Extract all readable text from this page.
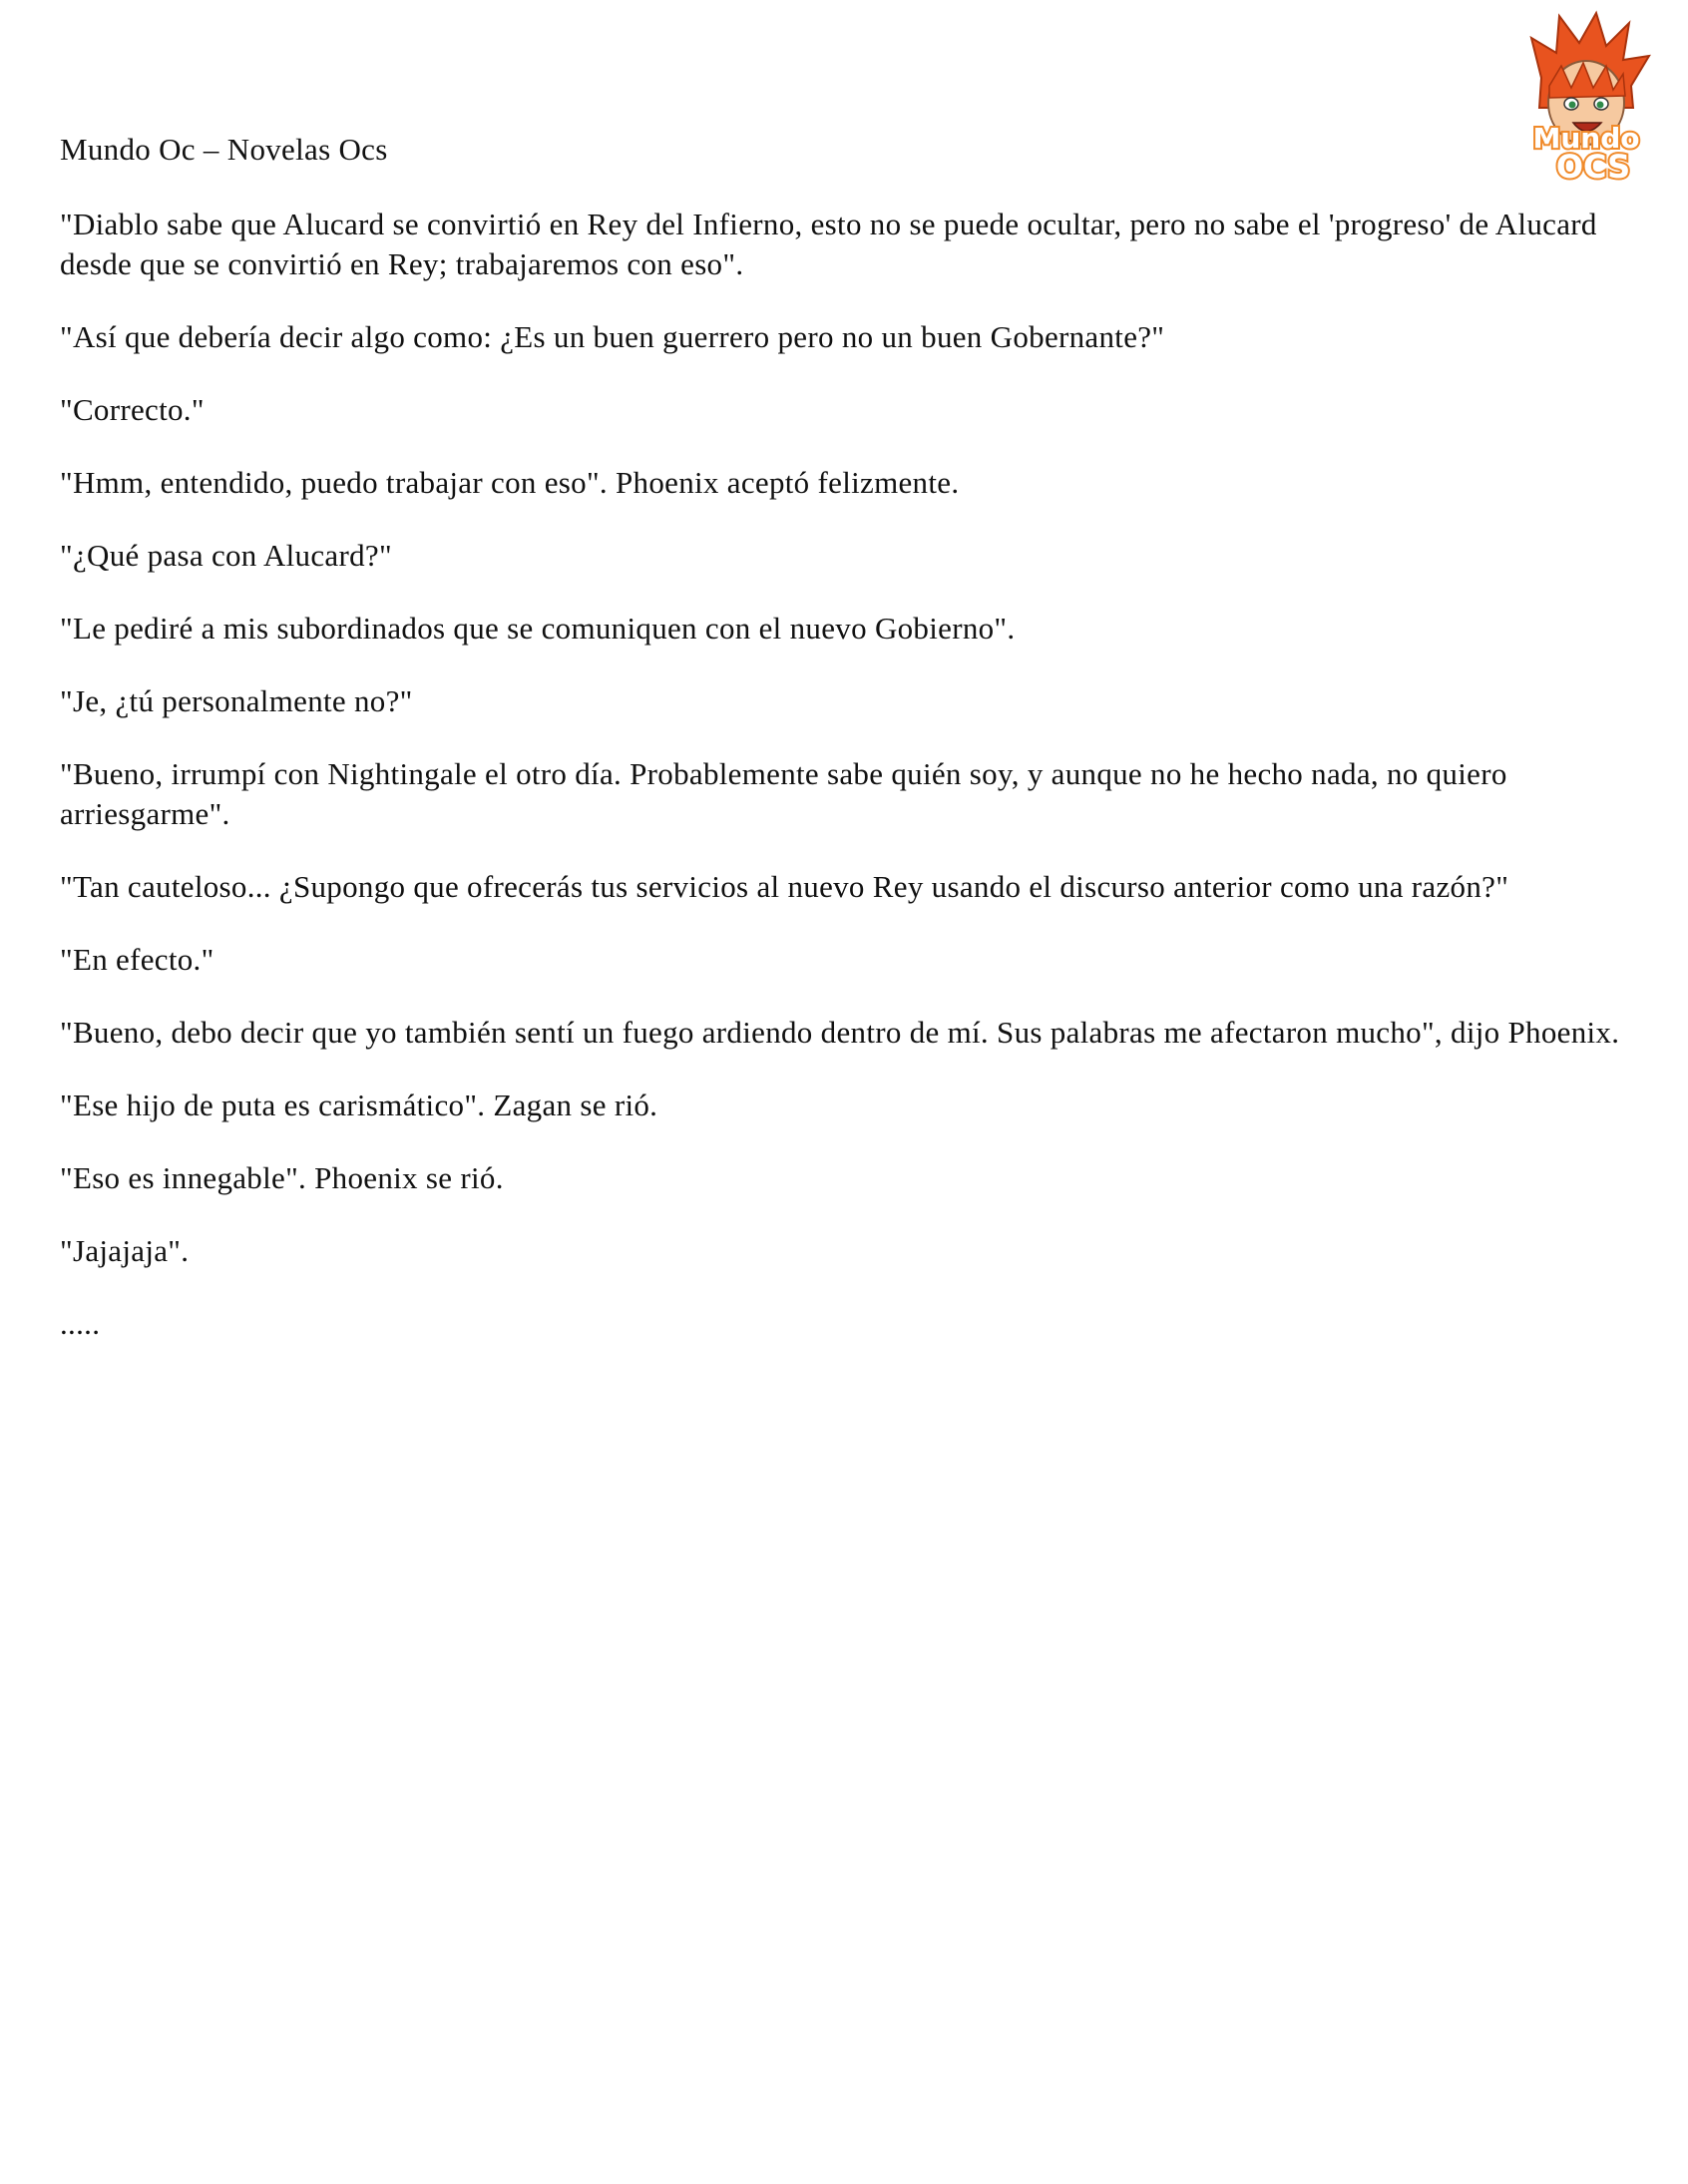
Mundo Oc – Novelas Ocs	Mundo
OCS

"Diablo sabe que Alucard se convirtió en Rey del Infierno, esto no se puede ocultar, pero no sabe el 'progreso' de Alucard desde que se convirtió en Rey; trabajaremos con eso".

"Así que debería decir algo como: ¿Es un buen guerrero pero no un buen Gobernante?"

"Correcto."

"Hmm, entendido, puedo trabajar con eso". Phoenix aceptó felizmente.

"¿Qué pasa con Alucard?"

"Le pediré a mis subordinados que se comuniquen con el nuevo Gobierno".

"Je, ¿tú personalmente no?"

"Bueno, irrumpí con Nightingale el otro día. Probablemente sabe quién soy, y aunque no he hecho nada, no quiero arriesgarme".

"Tan cauteloso... ¿Supongo que ofrecerás tus servicios al nuevo Rey usando el discurso anterior como una razón?"

"En efecto."

"Bueno, debo decir que yo también sentí un fuego ardiendo dentro de mí. Sus palabras me afectaron mucho", dijo Phoenix.

"Ese hijo de puta es carismático". Zagan se rió.

"Eso es innegable". Phoenix se rió.

"Jajajaja".

.....
